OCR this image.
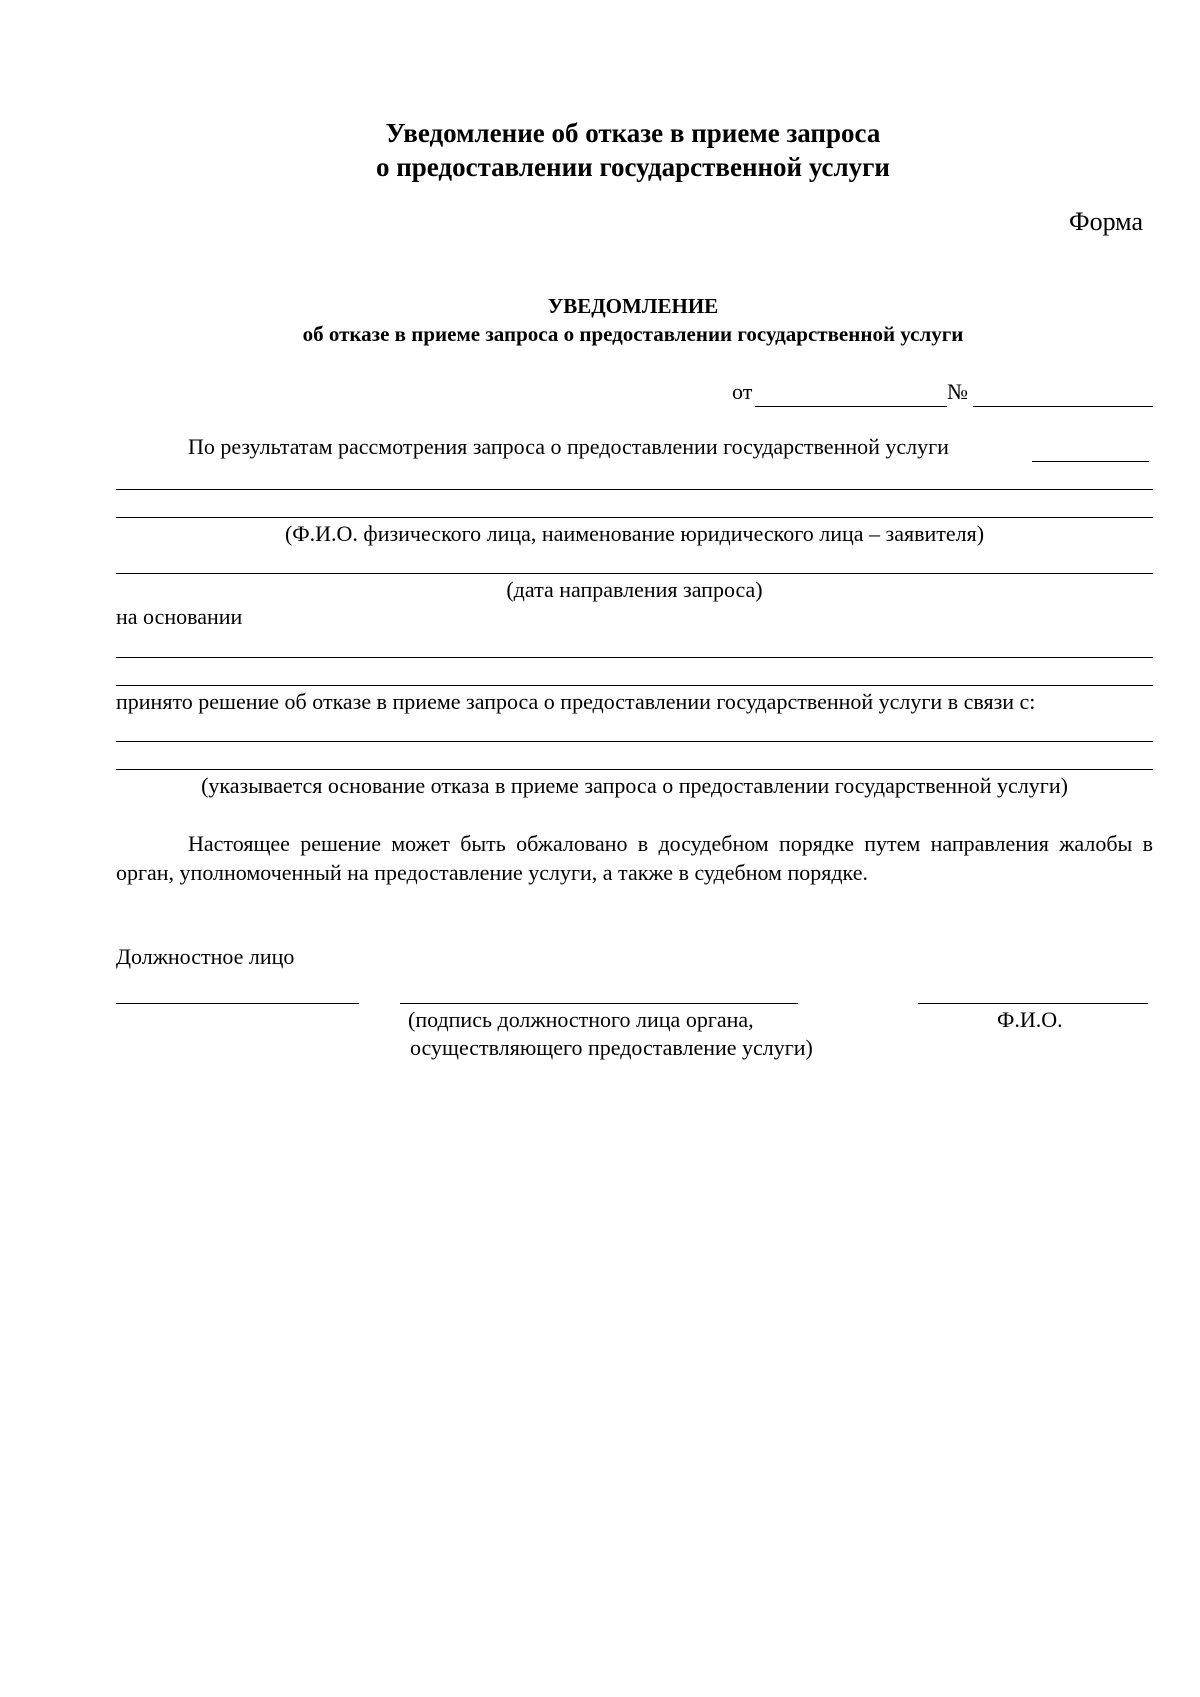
Уведомление об отказе в приеме запроса
о предоставлении государственной услуги
Форма
УВЕДОМЛЕНИЕ
об отказе в приеме запроса о предоставлении государственной услуги
от	№
По результатам рассмотрения запроса о предоставлении государственной услуги
(Ф.И.О. физического лица, наименование юридического лица – заявителя)
(дата направления запроса)
на основании
принято решение об отказе в приеме запроса о предоставлении государственной услуги в связи с:
(указывается основание отказа в приеме запроса о предоставлении государственной услуги)
Настоящее решение может быть обжаловано в досудебном порядке путем направления жалобы в орган, уполномоченный на предоставление услуги, а также в судебном порядке.
Должностное лицо
(подпись должностного лица органа,
осуществляющего предоставление услуги)
Ф.И.О.
